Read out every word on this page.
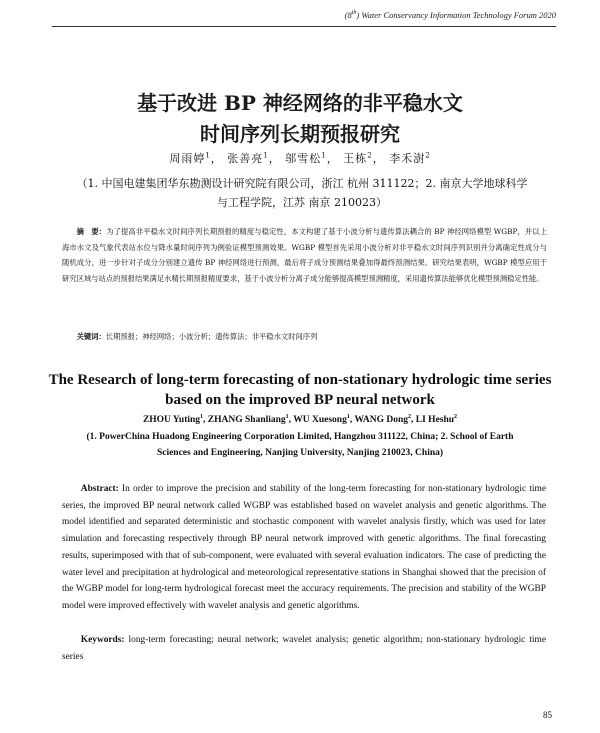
(8th) Water Conservancy Information Technology Forum 2020
基于改进 BP 神经网络的非平稳水文
时间序列长期预报研究
周雨婷$^1$， 张善亮$^1$， 邬雪松$^1$， 王栋$^2$， 李禾澍$^2$
（1. 中国电建集团华东勘测设计研究院有限公司，浙江 杭州 311122；2. 南京大学地球科学
与工程学院，江苏 南京 210023）
摘　要：为了提高非平稳水文时间序列长期预报的精度与稳定性，本文构建了基于小波分析与遗传算法耦合的 BP 神经网络模型 WGBP，并以上海市水文及气象代表站水位与降水量时间序列为例验证模型预测效果。WGBP 模型首先采用小波分析对非平稳水文时间序列识别并分离确定性成分与随机成分，进一步针对子成分分别建立遗传 BP 神经网络进行预测，最后将子成分预测结果叠加得最终预测结果。研究结果表明，WGBP 模型应用于研究区域与站点的预报结果满足水精长期预报精度要求，基于小波分析分离子成分能够提高模型预测精度，采用遗传算法能够优化模型预测稳定性能。
关键词：长期预报；神经网络；小波分析；遗传算法；非平稳水文时间序列
The Research of long-term forecasting of non-stationary hydrologic time series
based on the improved BP neural network
ZHOU Yuting$^1$, ZHANG Shanliang$^1$, WU Xuesong$^1$, WANG Dong$^2$, LI Heshu$^2$
(1. PowerChina Huadong Engineering Corporation Limited, Hangzhou 311122, China; 2. School of Earth
Sciences and Engineering, Nanjing University, Nanjing 210023, China)
Abstract: In order to improve the precision and stability of the long-term forecasting for non-stationary hydrologic time series, the improved BP neural network called WGBP was established based on wavelet analysis and genetic algorithms. The model identified and separated deterministic and stochastic component with wavelet analysis firstly, which was used for later simulation and forecasting respectively through BP neural network improved with genetic algorithms. The final forecasting results, superimposed with that of sub-component, were evaluated with several evaluation indicators. The case of predicting the water level and precipitation at hydrological and meteorological representative stations in Shanghai showed that the precision of the WGBP model for long-term hydrological forecast meet the accuracy requirements. The precision and stability of the WGBP model were improved effectively with wavelet analysis and genetic algorithms.
Keywords: long-term forecasting; neural network; wavelet analysis; genetic algorithm; non-stationary hydrologic time series
85
